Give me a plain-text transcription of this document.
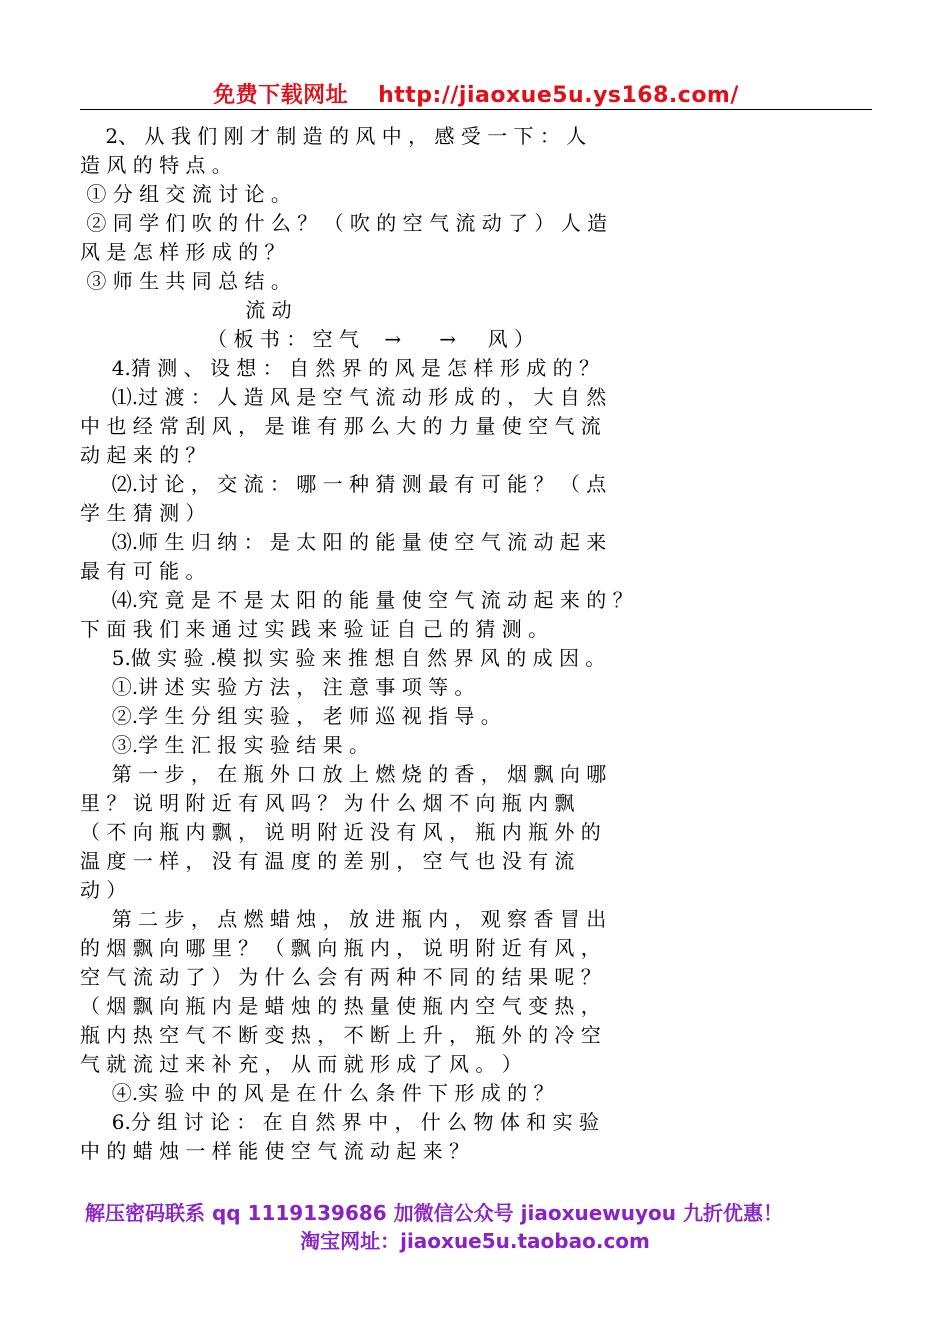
免费下载网址 http://jiaoxue5u.ys168.com/
2、 从 我 们 刚 才 制 造 的 风 中 ， 感 受 一 下 ： 人
造 风 的 特 点 。
① 分 组 交 流 讨 论 。
② 同 学 们 吹 的 什 么 ？ （ 吹 的 空 气 流 动 了 ） 人 造
风 是 怎 样 形 成 的 ？
③ 师 生 共 同 总 结 。
流 动
（ 板 书 ： 空 气    →      →     风 ）
4.猜 测 、 设 想 ： 自 然 界 的 风 是 怎 样 形 成 的 ？
⑴.过 渡 ： 人 造 风 是 空 气 流 动 形 成 的 ， 大 自 然
中 也 经 常 刮 风 ， 是 谁 有 那 么 大 的 力 量 使 空 气 流
动 起 来 的 ？
⑵.讨 论 ， 交 流 ： 哪 一 种 猜 测 最 有 可 能 ？ （ 点
学 生 猜 测 ）
⑶.师 生 归 纳 ： 是 太 阳 的 能 量 使 空 气 流 动 起 来
最 有 可 能 。
⑷.究 竟 是 不 是 太 阳 的 能 量 使 空 气 流 动 起 来 的 ？
下 面 我 们 来 通 过 实 践 来 验 证 自 己 的 猜 测 。
5.做 实 验 .模 拟 实 验 来 推 想 自 然 界 风 的 成 因 。
①.讲 述 实 验 方 法 ， 注 意 事 项 等 。
②.学 生 分 组 实 验 ， 老 师 巡 视 指 导 。
③.学 生 汇 报 实 验 结 果 。
第 一 步 ， 在 瓶 外 口 放 上 燃 烧 的 香 ， 烟 飘 向 哪
里 ？ 说 明 附 近 有 风 吗 ？ 为 什 么 烟 不 向 瓶 内 飘
（ 不 向 瓶 内 飘 ， 说 明 附 近 没 有 风 ， 瓶 内 瓶 外 的
温 度 一 样 ， 没 有 温 度 的 差 别 ， 空 气 也 没 有 流
动 ）
第 二 步 ， 点 燃 蜡 烛 ， 放 进 瓶 内 ， 观 察 香 冒 出
的 烟 飘 向 哪 里 ？ （ 飘 向 瓶 内 ， 说 明 附 近 有 风 ，
空 气 流 动 了 ） 为 什 么 会 有 两 种 不 同 的 结 果 呢 ？
（ 烟 飘 向 瓶 内 是 蜡 烛 的 热 量 使 瓶 内 空 气 变 热 ，
瓶 内 热 空 气 不 断 变 热 ， 不 断 上 升 ， 瓶 外 的 冷 空
气 就 流 过 来 补 充 ， 从 而 就 形 成 了 风 。 ）
④.实 验 中 的 风 是 在 什 么 条 件 下 形 成 的 ？
6.分 组 讨 论 ： 在 自 然 界 中 ， 什 么 物 体 和 实 验
中 的 蜡 烛 一 样 能 使 空 气 流 动 起 来 ？
解压密码联系 qq 1119139686 加微信公众号 jiaoxuewuyou 九折优惠！
淘宝网址：jiaoxue5u.taobao.com
